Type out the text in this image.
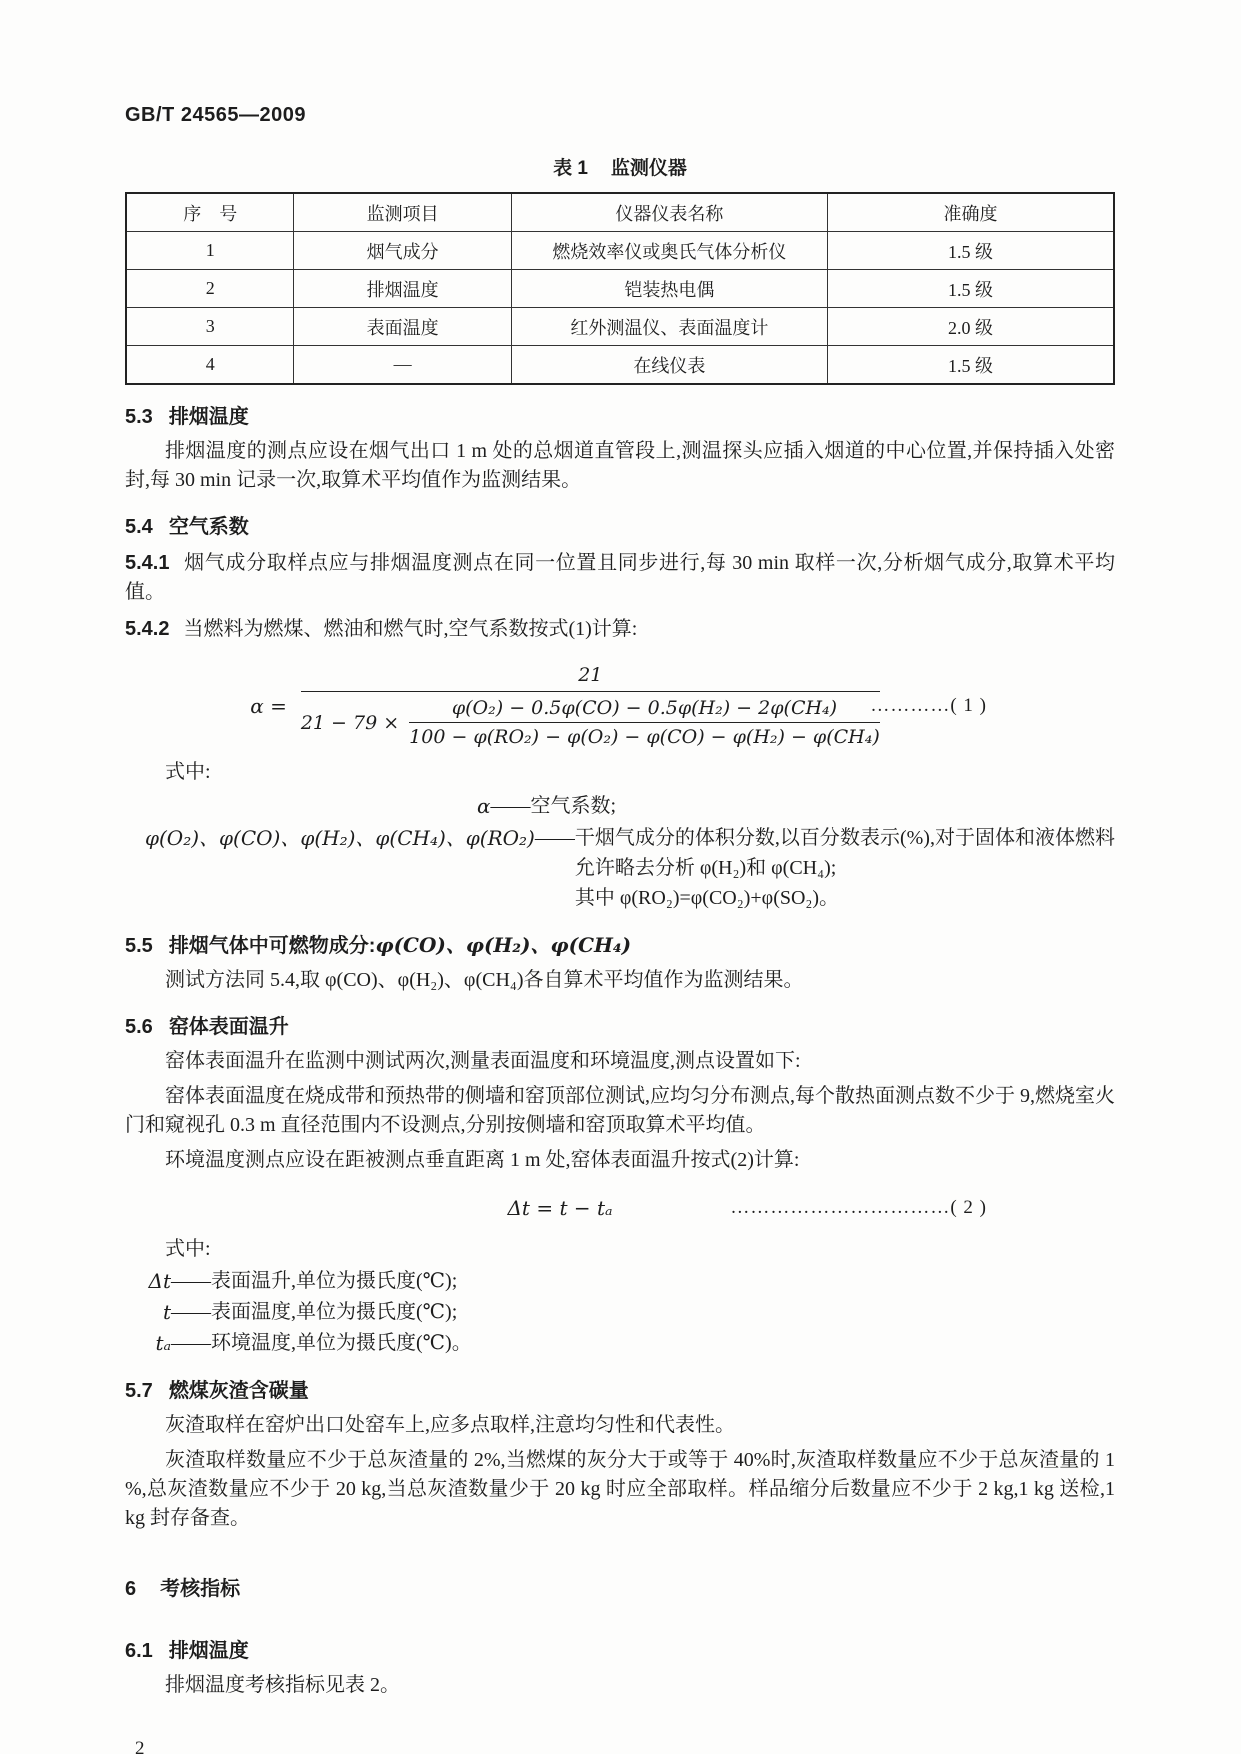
GB/T 24565—2009
表 1 监测仪器
序　号	监测项目	仪器仪表名称	准确度
1	烟气成分	燃烧效率仪或奥氏气体分析仪	1.5 级
2	排烟温度	铠装热电偶	1.5 级
3	表面温度	红外测温仪、表面温度计	2.0 级
4	—	在线仪表	1.5 级
5.3 排烟温度

排烟温度的测点应设在烟气出口 1 m 处的总烟道直管段上,测温探头应插入烟道的中心位置,并保持插入处密封,每 30 min 记录一次,取算术平均值作为监测结果。

5.4 空气系数

5.4.1 烟气成分取样点应与排烟温度测点在同一位置且同步进行,每 30 min 取样一次,分析烟气成分,取算术平均值。

5.4.2 当燃料为燃煤、燃油和燃气时,空气系数按式(1)计算:

α =
21
$21 - 79 \times \frac{\text{φ(O₂) − 0.5φ(CO) − 0.5φ(H₂) − 2φ(CH₄)}}{\text{100 − φ(RO₂) − φ(O₂) − φ(CO) − φ(H₂) − φ(CH₄)}}$
…………( 1 )

式中:

α —— 空气系数;
φ(O₂)、φ(CO)、φ(H₂)、φ(CH₄)、φ(RO₂) —— 干烟气成分的体积分数,以百分数表示(%),对于固体和液体燃料允许略去分析 φ(H₂)和 φ(CH₄);
其中 φ(RO₂)=φ(CO₂)+φ(SO₂)。
5.5 排烟气体中可燃物成分:φ(CO)、φ(H₂)、φ(CH₄)

测试方法同 5.4,取 φ(CO)、φ(H₂)、φ(CH₄)各自算术平均值作为监测结果。

5.6 窑体表面温升

窑体表面温升在监测中测试两次,测量表面温度和环境温度,测点设置如下:

窑体表面温度在烧成带和预热带的侧墙和窑顶部位测试,应均匀分布测点,每个散热面测点数不少于 9,燃烧室火门和窥视孔 0.3 m 直径范围内不设测点,分别按侧墙和窑顶取算术平均值。

环境温度测点应设在距被测点垂直距离 1 m 处,窑体表面温升按式(2)计算:

Δt = t − tₐ	……………………………( 2 )

式中:

Δt —— 表面温升,单位为摄氏度(℃);
t —— 表面温度,单位为摄氏度(℃);
tₐ —— 环境温度,单位为摄氏度(℃)。
5.7 燃煤灰渣含碳量

灰渣取样在窑炉出口处窑车上,应多点取样,注意均匀性和代表性。

灰渣取样数量应不少于总灰渣量的 2%,当燃煤的灰分大于或等于 40%时,灰渣取样数量应不少于总灰渣量的 1 %,总灰渣数量应不少于 20 kg,当总灰渣数量少于 20 kg 时应全部取样。样品缩分后数量应不少于 2 kg,1 kg 送检,1 kg 封存备查。

6 考核指标
6.1 排烟温度

排烟温度考核指标见表 2。

2
